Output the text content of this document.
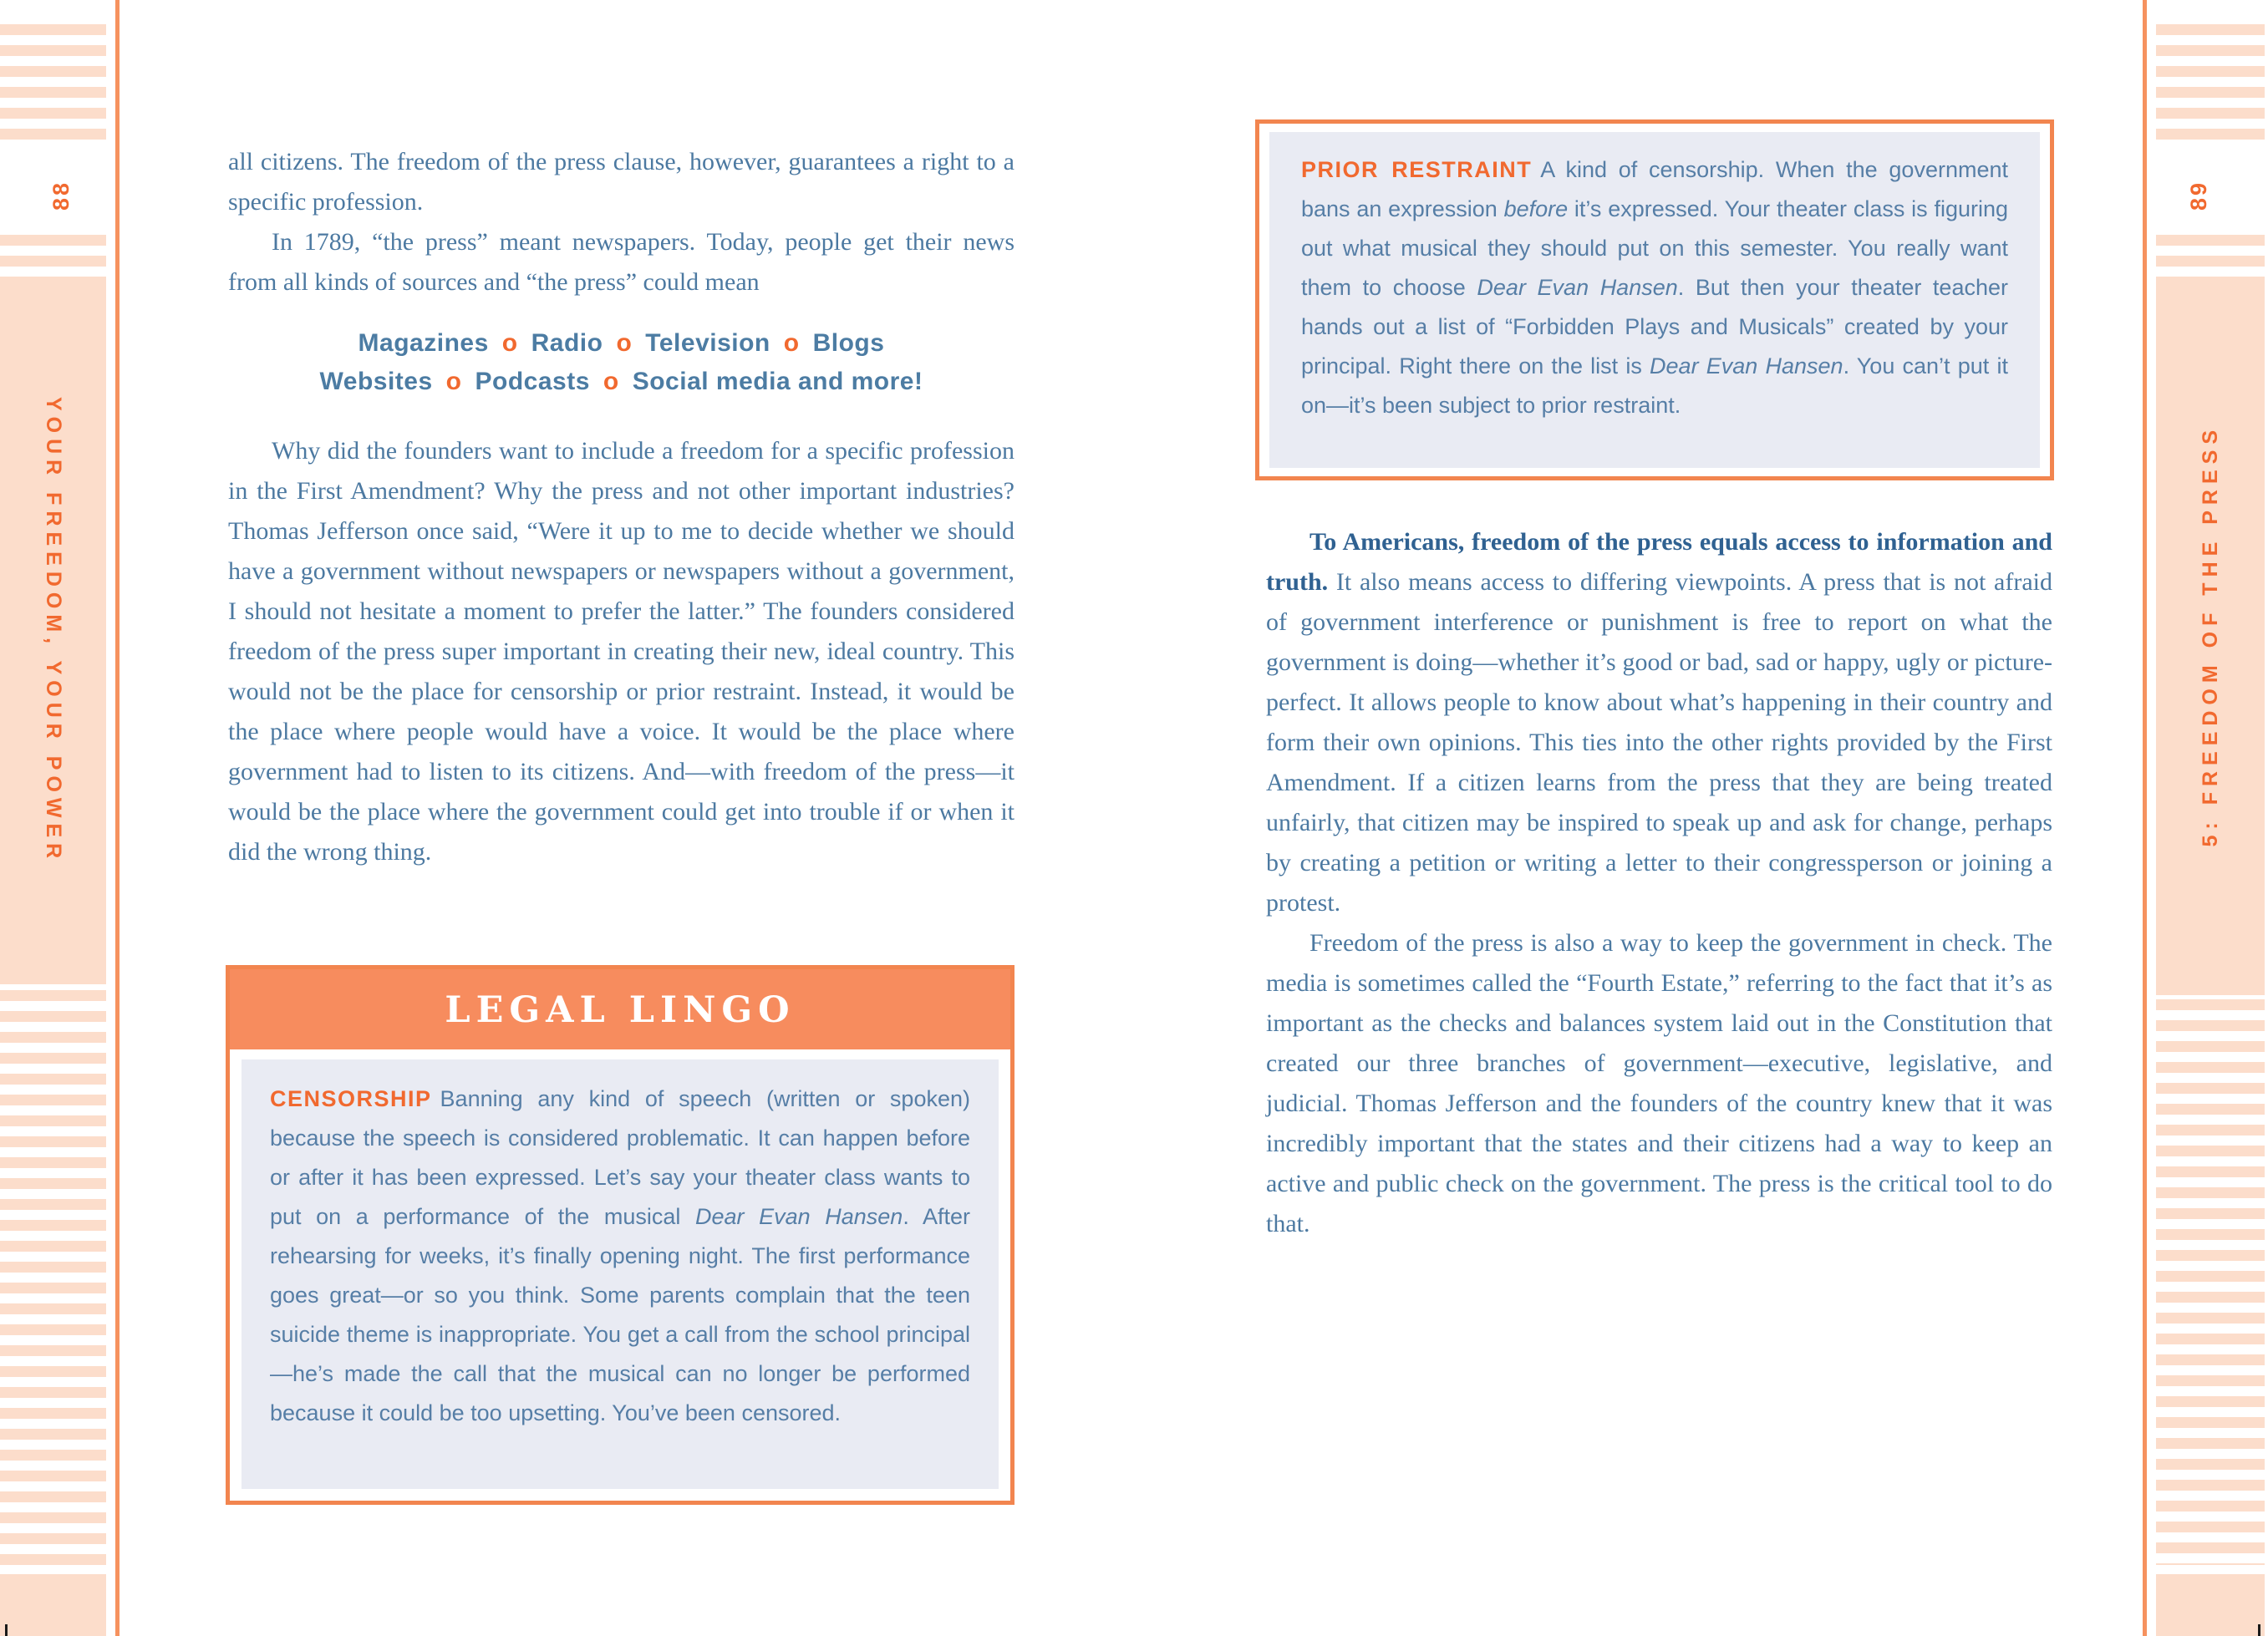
88
YOUR FREEDOM, YOUR POWER
89
5: FREEDOM OF THE PRESS

all citizens. The freedom of the press clause, however, guarantees a right to a specific profession.

In 1789, “the press” meant newspapers. Today, people get their news from all kinds of sources and “the press” could mean

Magazines o Radio o Television o Blogs
Websites o Podcasts o Social media and more!

Why did the founders want to include a freedom for a specific profession in the First Amendment? Why the press and not other important industries? Thomas Jefferson once said, “Were it up to me to decide whether we should have a government without newspapers or newspapers without a government, I should not hesitate a moment to prefer the latter.” The founders considered freedom of the press super important in creating their new, ideal country. This would not be the place for censorship or prior restraint. Instead, it would be the place where people would have a voice. It would be the place where government had to listen to its citizens. And—with freedom of the press—it would be the place where the government could get into trouble if or when it did the wrong thing.

LEGAL LINGO
CENSORSHIP Banning any kind of speech (written or spoken) because the speech is considered problematic. It can happen before or after it has been expressed. Let’s say your theater class wants to put on a performance of the musical Dear Evan Hansen. After rehearsing for weeks, it’s finally opening night. The first performance goes great—or so you think. Some parents complain that the teen suicide theme is inappropriate. You get a call from the school principal—he’s made the call that the musical can no longer be performed because it could be too upsetting. You’ve been censored.
PRIOR RESTRAINT A kind of censorship. When the government bans an expression before it’s expressed. Your theater class is figuring out what musical they should put on this semester. You really want them to choose Dear Evan Hansen. But then your theater teacher hands out a list of “Forbidden Plays and Musicals” created by your principal. Right there on the list is Dear Evan Hansen. You can’t put it on—it’s been subject to prior restraint.

To Americans, freedom of the press equals access to information and truth. It also means access to differing viewpoints. A press that is not afraid of government interference or punishment is free to report on what the government is doing—whether it’s good or bad, sad or happy, ugly or picture-perfect. It allows people to know about what’s happening in their country and form their own opinions. This ties into the other rights provided by the First Amendment. If a citizen learns from the press that they are being treated unfairly, that citizen may be inspired to speak up and ask for change, perhaps by creating a petition or writing a letter to their congressperson or joining a protest.

Freedom of the press is also a way to keep the government in check. The media is sometimes called the “Fourth Estate,” referring to the fact that it’s as important as the checks and balances system laid out in the Constitution that created our three branches of government—executive, legislative, and judicial. Thomas Jefferson and the founders of the country knew that it was incredibly important that the states and their citizens had a way to keep an active and public check on the government. The press is the critical tool to do that.
